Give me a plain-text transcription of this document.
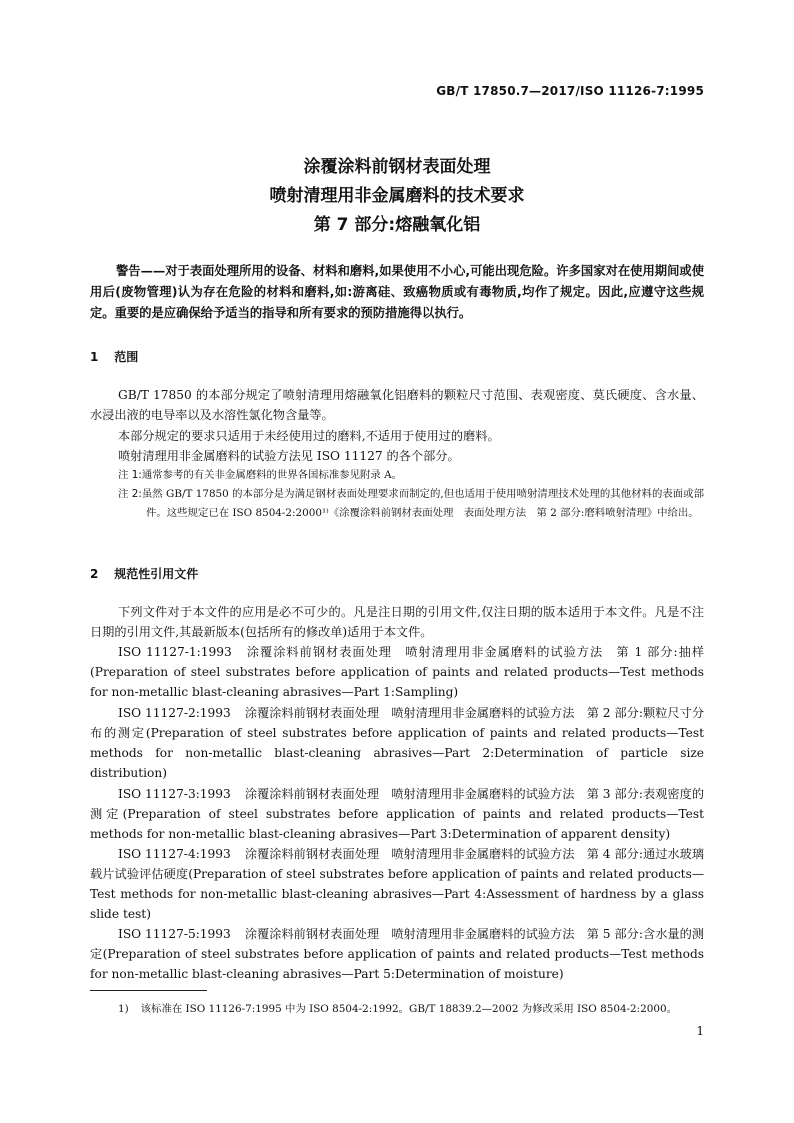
GB/T 17850.7—2017/ISO 11126-7:1995
涂覆涂料前钢材表面处理
喷射清理用非金属磨料的技术要求
第 7 部分:熔融氧化铝
警告——对于表面处理所用的设备、材料和磨料,如果使用不小心,可能出现危险。许多国家对在使用期间或使用后(废物管理)认为存在危险的材料和磨料,如:游离硅、致癌物质或有毒物质,均作了规定。因此,应遵守这些规定。重要的是应确保给予适当的指导和所有要求的预防措施得以执行。
1 范围
GB/T 17850 的本部分规定了喷射清理用熔融氧化铝磨料的颗粒尺寸范围、表观密度、莫氏硬度、含水量、水浸出液的电导率以及水溶性氯化物含量等。
本部分规定的要求只适用于未经使用过的磨料,不适用于使用过的磨料。
喷射清理用非金属磨料的试验方法见 ISO 11127 的各个部分。
注 1:通常参考的有关非金属磨料的世界各国标准参见附录 A。
注 2:虽然 GB/T 17850 的本部分是为满足钢材表面处理要求而制定的,但也适用于使用喷射清理技术处理的其他材料的表面或部件。这些规定已在 ISO 8504-2:2000¹⁾《涂覆涂料前钢材表面处理　表面处理方法　第 2 部分:磨料喷射清理》中给出。
2 规范性引用文件
下列文件对于本文件的应用是必不可少的。凡是注日期的引用文件,仅注日期的版本适用于本文件。凡是不注日期的引用文件,其最新版本(包括所有的修改单)适用于本文件。
ISO 11127-1:1993 涂覆涂料前钢材表面处理　喷射清理用非金属磨料的试验方法　第 1 部分:抽样(Preparation of steel substrates before application of paints and related products—Test methods for non-metallic blast-cleaning abrasives—Part 1:Sampling)
ISO 11127-2:1993 涂覆涂料前钢材表面处理　喷射清理用非金属磨料的试验方法　第 2 部分:颗粒尺寸分布的测定(Preparation of steel substrates before application of paints and related products—Test methods for non-metallic blast-cleaning abrasives—Part 2:Determination of particle size distribution)
ISO 11127-3:1993 涂覆涂料前钢材表面处理　喷射清理用非金属磨料的试验方法　第 3 部分:表观密度的测定(Preparation of steel substrates before application of paints and related products—Test methods for non-metallic blast-cleaning abrasives—Part 3:Determination of apparent density)
ISO 11127-4:1993 涂覆涂料前钢材表面处理　喷射清理用非金属磨料的试验方法　第 4 部分:通过水玻璃载片试验评估硬度(Preparation of steel substrates before application of paints and related products—Test methods for non-metallic blast-cleaning abrasives—Part 4:Assessment of hardness by a glass slide test)
ISO 11127-5:1993 涂覆涂料前钢材表面处理　喷射清理用非金属磨料的试验方法　第 5 部分:含水量的测定(Preparation of steel substrates before application of paints and related products—Test methods for non-metallic blast-cleaning abrasives—Part 5:Determination of moisture)
1) 该标准在 ISO 11126-7:1995 中为 ISO 8504-2:1992。GB/T 18839.2—2002 为修改采用 ISO 8504-2:2000。
1
